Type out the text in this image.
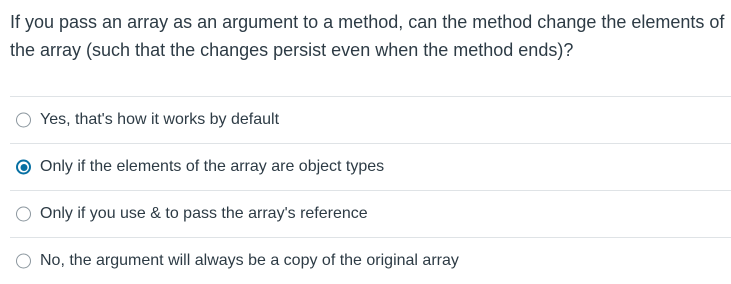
If you pass an array as an argument to a method, can the method change the elements of the array (such that the changes persist even when the method ends)?

Yes, that's how it works by default
Only if the elements of the array are object types
Only if you use & to pass the array's reference
No, the argument will always be a copy of the original array
